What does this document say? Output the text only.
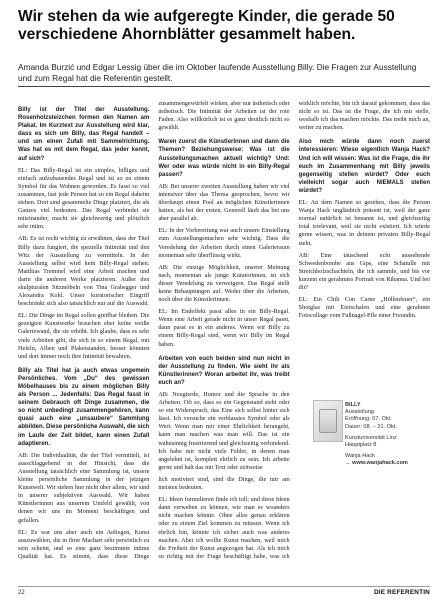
Wir stehen da wie aufgeregte Kinder, die gerade 50 verschiedene Ahornblätter gesammelt haben.

Amanda Burzić und Edgar Lessig über die im Oktober laufende Ausstellung Billy. Die Fragen zur Ausstellung und zum Regal hat die Referentin gestellt.

Billy ist der Titel der Ausstellung. Rosenholzstelzchen formen den Namen am Plakat. Im Kurztext zur Ausstellung wird klar, dass es sich um Billy, das Regal handelt – und um einen Zufall mit Sammelrichtung. Was hat es mit dem Regal, das jeder kennt, auf sich?

EL: Das Billy-Regal ist ein simples, billiges und einfach aufzubauendes Regal und ist so zu einem Symbol für das Wohnen geworden. Es fasst so viel zusammen, fast jede Person hat so ein Regal daheim stehen. Dort sind gesammelte Dinge platziert, die als Ganzes viel bedeuten. Das Regal verbindet sie miteinander, macht sie gleichwertig und plötzlich sehr intim.

AB: Es ist recht wichtig zu erwähnen, dass der Titel Billy dazu fungiert, die spezielle Intimität und den Witz der Ausstellung zu vermitteln. In der Ausstellung selbst wird kein Billy-Regal stehen. Matthias Tremmel wird eine Arbeit machen und darin die anderen Werke platzieren. Außer den skulpturalen Sitzmöbeln von Tina Grabegger und Alexandra Kohl. Unser kuratorischer Eingriff beschränkt sich also tatsächlich nur auf die Auswahl.

EL: Die Dinge im Regal sollen greifbar bleiben. Die gezeigten Kunstwerke brauchen eher keine weiße Galeriewand, die sie erhöht. Ich glaube, dass es sehr viele Arbeiten gibt, die sich in so einem Regal, mit Hefeln, Alben und Plaketstanden, besser könnten und dort immer noch ihre Intimität bewahren.

Billy als Titel hat ja auch etwas ungemein Persönliches. Vom „Du“ des gewissen Möbelhauses bis zu einem möglichen Billy als Person ... Jedenfalls: Das Regal fasst in seinem Gebrauch oft Dinge zusammen, die so nicht unbedingt zusammengehören, kann quasi auch eine „unsaubere“ Sammlung abbilden. Diese persönliche Auswahl, die sich im Laufe der Zeit bildet, kann einen Zufall adaptieren.

AB: Die Individualität, die der Titel vermittelt, ist ausschlaggebend in der Hinsicht, dass die Ausstellung tatsächlich eine Sammlung ist, unsere kleine persönliche Sammlung in der jetzigen Kunstwelt. Wir stehen hier nicht über allem, wir sind in unserer subjektiven Auswahl. Wir haben Künstlerinnen aus unserem Umfeld gewählt, von denen wir uns im Moment beschäftigen und gefallen.

EL: Es war uns aber auch ein Anliegen, Kunst auszuwählen, die in ihrer Machart sehr persönlich zu sein scheint, und so eine ganz bestimmte intime Qualität hat. Es stimmt, dass diese Dinge zusammengewürfelt wirken, aber nur ästhetisch oder ästhetisch. Die Intimität der Arbeiten ist der rote Faden. Also willkürlich ist es ganz deutlich nicht so gewählt.

Waren zuerst die KünstlerInnen und dann die Themen? Beziehungsweise: Was ist die Ausstellungsmachen aktuell wichtig? Und: Wer oder was würde nicht in ein Billy-Regal passen?

AB: Bei unserer zweiten Ausstellung haben wir viel intensiver über das Thema gesprochen, bevor wir überhaupt einen Pool an möglichen Künstlerinnen hatten, als bei der ersten. Generell läuft das bei uns aber parallel ab.

EL: In der Vorbereitung war auch unsere Einstellung zum Ausstellungsmachen sehr wichtig. Dass die Veredelung der Arbeiten durch einen Galerieraum momentan sehr überflüssig wirkt.

AB: Die einzige Möglichkeit, unserer Meinung nach, momentan als junge Kuratorinnen, ist sich dieser Veredelung zu verweigern. Das Regal stellt keine Behauptungen auf. Weder über die Arbeiten, noch über die Künstlerinnen.

EL: Im Endeffekt passt alles in ein Billy-Regal. Wenn eine Arbeit gerade nicht in unser Regal passt, dann passt es in ein anderes. Wenn wir Billy zu einem Billy-Regal sind, wenn wir Billy im Regal haben.

Arbeiten von euch beiden sind nun nicht in der Ausstellung zu finden. Wie sieht ihr als Künstlerinnen? Woran arbeitet ihr, was treibt euch an?

AB: Neugierde, Humor und die Sprache in den Arbeiten. Oft so, dass so ein Gegenstand steht oder so ein Widerspruch, das Eine sich selbst hinter sich lässt. Ich versuche ein verblasstes Symbol oder als Wert. Wenn man mir einer Ehrlichkeit herangeht, kann man machen was man will. Das ist ein wahnsinnig frustrierend und gleichzeitig verbindend. Ich habe mir nicht viele Felder, in denen man angelehnt ist, komplett ehrlich zu sein. Ich arbeite gerne und halt das mit Text oder zeitweise

lich motiviert sind, sind die Dinge, die mir am meisten bedeuten.

EL: Ideen formulieren finde ich toll; und diese Ideen dann verweben zu können, wie man es woanders nicht machen könnte. Ohne alles genau erklären oder zu einem Ziel kommen zu müssen. Wenn ich ehrlich bin, könnte ich sicher auch was anderes machen. Aber ich wollte Kunst machen, weil mich die Freiheit der Kunst angezogen hat. Als ich mich so richtig mit der Frage beschäftigt habe, was ich wirklich möchte, bin ich darauf gekommen, dass das nicht so ist. Das ist die Frage, die ich mir stelle, weshalb ich das machen möchte. Das treibt mich an, weiter zu machen.

Also mich würde dann noch zuerst interessieren: Wieso eigentlich Wanja Hack? Und ich will wissen: Was ist die Frage, die ihr euch im Zusammenhang mit Billy jeweils gegenseitig stellen würdet? Oder euch vielleicht sogar auch NIEMALS stellen würdet?

EL: An dem Namen so gesehen, dass die Person Wanja Hack ungläubich präsent ist, weil der ganz normal natürlich ist benannt ist, und gleichzeitig total irrelevant, weil sie nicht existiert. Ich würde gerne wissen, was in deinem privaten Billy-Regal steht.

AB: Eine täuschend echt aussehende Schwedenbombe aus Gips, eine Schatulle mit Streichholzschachteln, die ich sammle, und bis vor kurzem ein gerahmtes Portrait von Rihanna. Und bei dir?

EL: Ein Chili Con Carne „Höllenfeuer“, ein Shotglas mit Eierschalen und eine gerahmte Fotocollage vom Fußnagel-Pfle einer Freundin.

BILLY
Ausstellung
Eröffnung: 07. Okt.
Dauer: 08. – 21. Okt.
Kunstuniversität Linz
Hauptplatz 8
Wanja Hack
→ www.wanjahack.com
22	DIE REFERENTIN
